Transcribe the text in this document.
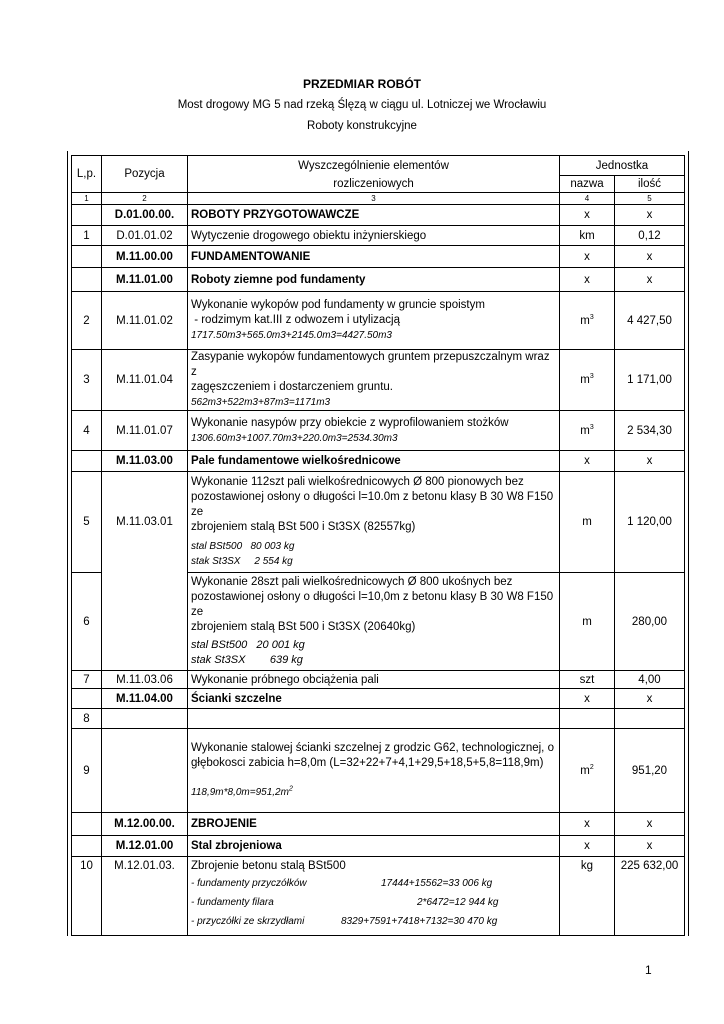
PRZEDMIAR ROBÓT
Most drogowy MG 5 nad rzeką Ślęzą w ciągu ul. Lotniczej we Wrocławiu
Roboty konstrukcyjne
L,p.	Pozycja	Wyszczególnienie elementów	Jednostka	
		rozliczeniowych	nazwa	ilość
1	2	3	4	5
	D.01.00.00.	ROBOTY PRZYGOTOWAWCZE	x	x
1	D.01.01.02	Wytyczenie drogowego obiektu inżynierskiego	km	0,12
	M.11.00.00	FUNDAMENTOWANIE	x	x
	M.11.01.00	Roboty ziemne pod fundamenty	x	x
2	M.11.01.02	Wykonanie wykopów pod fundamenty w gruncie spoistym
- rodzimym kat.III z odwozem i utylizacją
1717.50m3+565.0m3+2145.0m3=4427.50m3	$m^3$	4 427,50
3	M.11.01.04	Zasypanie wykopów fundamentowych gruntem przepuszczalnym wraz z
zagęszczeniem i dostarczeniem gruntu.
562m3+522m3+87m3=1171m3	$m^3$	1 171,00
4	M.11.01.07	Wykonanie nasypów przy obiekcie z wyprofilowaniem stożków
1306.60m3+1007.70m3+220.0m3=2534.30m3	$m^3$	2 534,30
	M.11.03.00	Pale fundamentowe wielkośrednicowe	x	x
5	M.11.03.01	Wykonanie 112szt pali wielkośrednicowych Ø 800 pionowych bez
pozostawionej osłony o długości l=10.0m z betonu klasy B 30 W8 F150 ze
zbrojeniem stalą BSt 500 i St3SX (82557kg)
stal BSt500   80 003 kg
stak St3SX     2 554 kg	m	1 120,00
6		Wykonanie 28szt pali wielkośrednicowych Ø 800 ukośnych bez
pozostawionej osłony o długości l=10,0m z betonu klasy B 30 W8 F150 ze
zbrojeniem stalą BSt 500 i St3SX (20640kg)
stal BSt500   20 001 kg
stak St3SX        639 kg	m	280,00
7	M.11.03.06	Wykonanie próbnego obciążenia pali	szt	4,00
	M.11.04.00	Ścianki szczelne	x	x
8				
9		Wykonanie stalowej ścianki szczelnej z grodzic G62, technologicznej, o
głębokosci zabicia h=8,0m (L=32+22+7+4,1+29,5+18,5+5,8=118,9m)
$118,9m*8,0m=951,2m^2$	$m^2$	951,20
	M.12.00.00.	ZBROJENIE	x	x
	M.12.01.00	Stal zbrojeniowa	x	x
10	M.12.01.03.	Zbrojenie betonu stalą BSt500
- fundamenty przyczółków 17444+15562=33 006 kg
- fundamenty filara 2*6472=12 944 kg
- przyczółki ze skrzydłami 8329+7591+7418+7132=30 470 kg	kg	225 632,00
1
